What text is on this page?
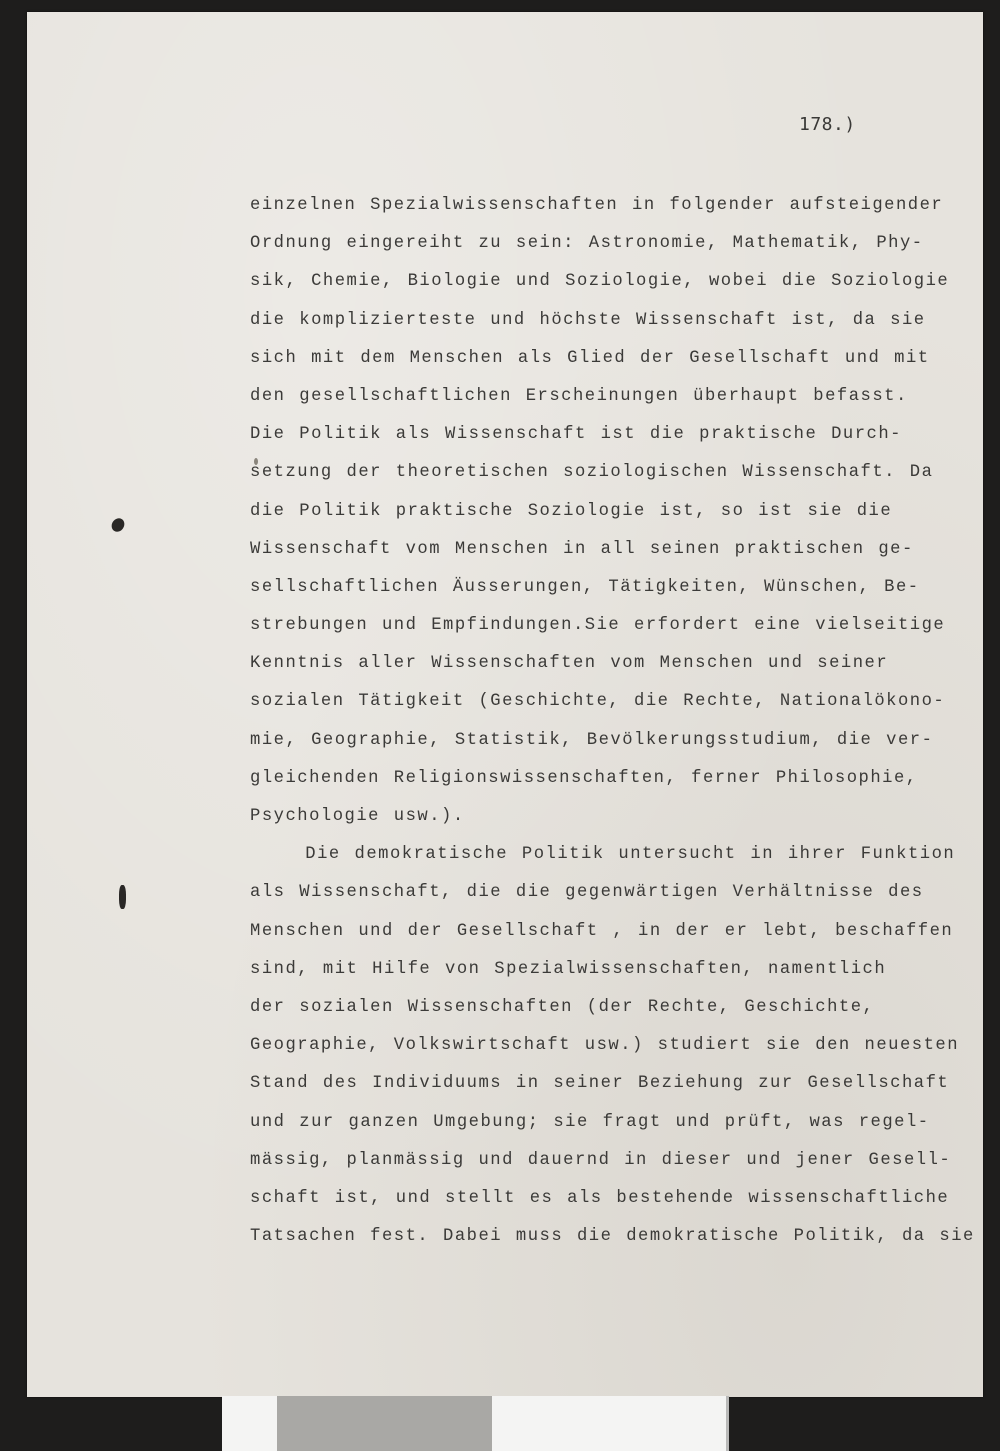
178.)
einzelnen Spezialwissenschaften in folgender aufsteigender
Ordnung eingereiht zu sein: Astronomie, Mathematik, Phy-
sik, Chemie, Biologie und Soziologie, wobei die Soziologie
die komplizierteste und höchste Wissenschaft ist, da sie
sich mit dem Menschen als Glied der Gesellschaft und mit
den gesellschaftlichen Erscheinungen überhaupt befasst.
Die Politik als Wissenschaft ist die praktische Durch-
setzung der theoretischen soziologischen Wissenschaft. Da
die Politik praktische Soziologie ist, so ist sie die
Wissenschaft vom Menschen in all seinen praktischen ge-
sellschaftlichen Äusserungen, Tätigkeiten, Wünschen, Be-
strebungen und Empfindungen.Sie erfordert eine vielseitige
Kenntnis aller Wissenschaften vom Menschen und seiner
sozialen Tätigkeit (Geschichte, die Rechte, Nationalökono-
mie, Geographie, Statistik, Bevölkerungsstudium, die ver-
gleichenden Religionswissenschaften, ferner Philosophie,
Psychologie usw.).
Die demokratische Politik untersucht in ihrer Funktion
als Wissenschaft, die die gegenwärtigen Verhältnisse des
Menschen und der Gesellschaft , in der er lebt, beschaffen
sind, mit Hilfe von Spezialwissenschaften, namentlich
der sozialen Wissenschaften (der Rechte, Geschichte,
Geographie, Volkswirtschaft usw.) studiert sie den neuesten
Stand des Individuums in seiner Beziehung zur Gesellschaft
und zur ganzen Umgebung; sie fragt und prüft, was regel-
mässig, planmässig und dauernd in dieser und jener Gesell-
schaft ist, und stellt es als bestehende wissenschaftliche
Tatsachen fest. Dabei muss die demokratische Politik, da sie
